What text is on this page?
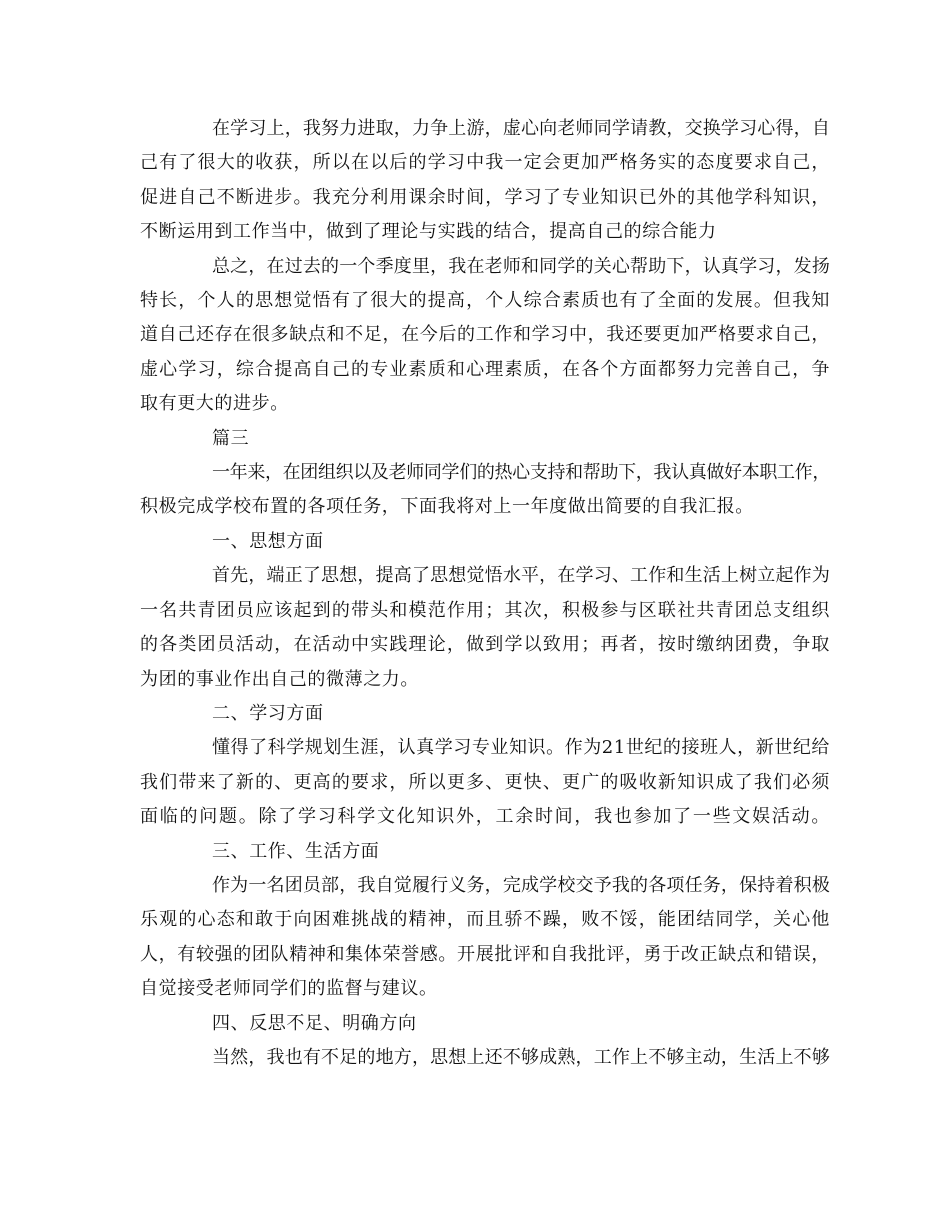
在学习上，我努力进取，力争上游，虚心向老师同学请教，交换学习心得，自
己有了很大的收获，所以在以后的学习中我一定会更加严格务实的态度要求自己，
促进自己不断进步。我充分利用课余时间，学习了专业知识已外的其他学科知识，
不断运用到工作当中，做到了理论与实践的结合，提高自己的综合能力
总之，在过去的一个季度里，我在老师和同学的关心帮助下，认真学习，发扬
特长，个人的思想觉悟有了很大的提高，个人综合素质也有了全面的发展。但我知
道自己还存在很多缺点和不足，在今后的工作和学习中，我还要更加严格要求自己，
虚心学习，综合提高自己的专业素质和心理素质，在各个方面都努力完善自己，争
取有更大的进步。
篇三
一年来，在团组织以及老师同学们的热心支持和帮助下，我认真做好本职工作，
积极完成学校布置的各项任务，下面我将对上一年度做出简要的自我汇报。
一、思想方面
首先，端正了思想，提高了思想觉悟水平，在学习、工作和生活上树立起作为
一名共青团员应该起到的带头和模范作用；其次，积极参与区联社共青团总支组织
的各类团员活动，在活动中实践理论，做到学以致用；再者，按时缴纳团费，争取
为团的事业作出自己的微薄之力。
二、学习方面
懂得了科学规划生涯，认真学习专业知识。作为21世纪的接班人，新世纪给
我们带来了新的、更高的要求，所以更多、更快、更广的吸收新知识成了我们必须
面临的问题。除了学习科学文化知识外，工余时间，我也参加了一些文娱活动。
三、工作、生活方面
作为一名团员部，我自觉履行义务，完成学校交予我的各项任务，保持着积极
乐观的心态和敢于向困难挑战的精神，而且骄不躁，败不馁，能团结同学，关心他
人，有较强的团队精神和集体荣誉感。开展批评和自我批评，勇于改正缺点和错误，
自觉接受老师同学们的监督与建议。
四、反思不足、明确方向
当然，我也有不足的地方，思想上还不够成熟，工作上不够主动，生活上不够
